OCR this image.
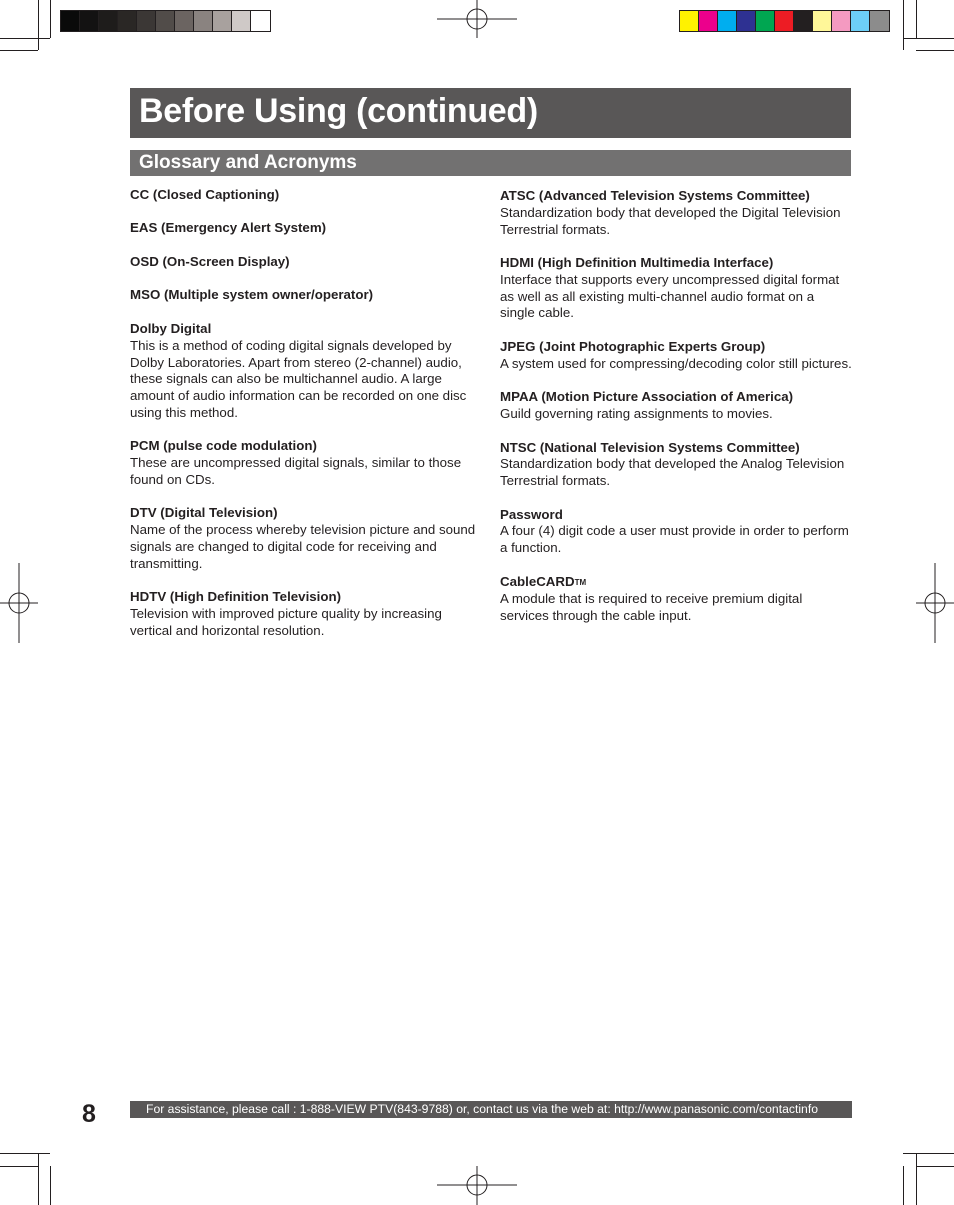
Before Using (continued)
Glossary and Acronyms
CC (Closed Captioning)
EAS (Emergency Alert System)
OSD (On-Screen Display)
MSO (Multiple system owner/operator)
Dolby Digital
This is a method of coding digital signals developed by Dolby Laboratories. Apart from stereo (2-channel) audio, these signals can also be multichannel audio. A large amount of audio information can be recorded on one disc using this method.
PCM (pulse code modulation)
These are uncompressed digital signals, similar to those found on CDs.
DTV (Digital Television)
Name of the process whereby television picture and sound signals are changed to digital code for receiving and transmitting.
HDTV (High Definition Television)
Television with improved picture quality by increasing vertical and horizontal resolution.
ATSC (Advanced Television Systems Committee)
Standardization body that developed the Digital Television Terrestrial formats.
HDMI (High Definition Multimedia Interface)
Interface that supports every uncompressed digital format as well as all existing multi-channel audio format on a single cable.
JPEG (Joint Photographic Experts Group)
A system used for compressing/decoding color still pictures.
MPAA (Motion Picture Association of America)
Guild governing rating assignments to movies.
NTSC (National Television Systems Committee)
Standardization body that developed the Analog Television Terrestrial formats.
Password
A four (4) digit code a user must provide in order to perform a function.
CableCARDTM
A module that is required to receive premium digital services through the cable input.
8	For assistance, please call : 1-888-VIEW PTV(843-9788) or, contact us via the web at: http://www.panasonic.com/contactinfo
